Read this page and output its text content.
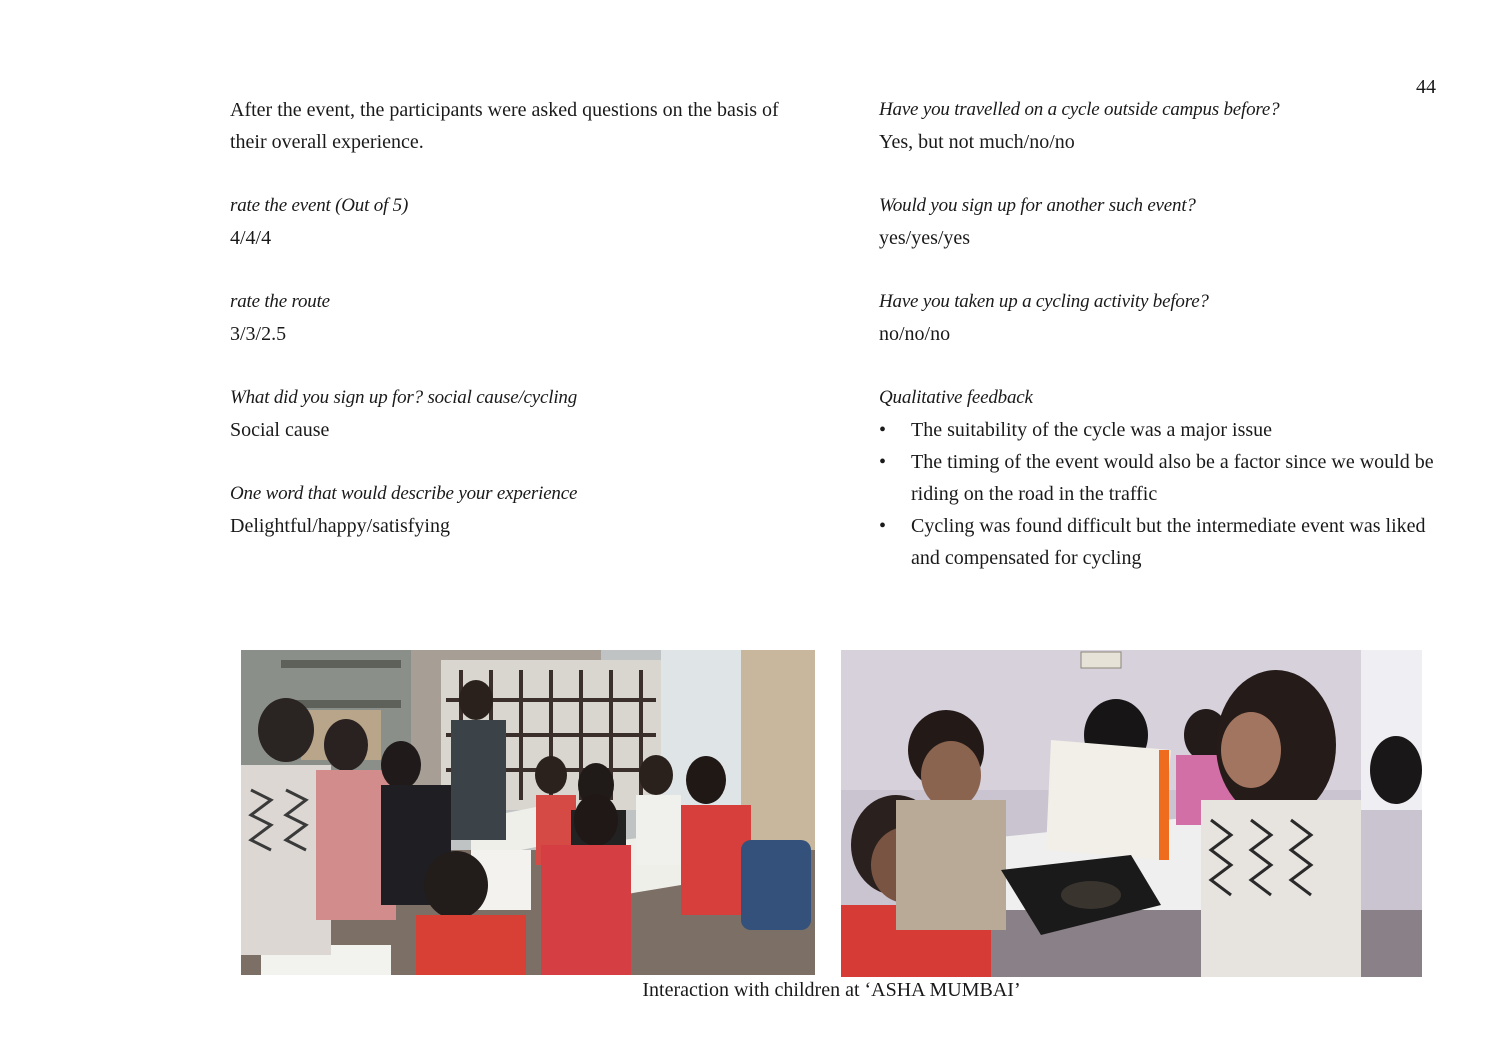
44

After the event, the participants were asked questions on the basis of their overall experience.

rate the event (Out of 5)

4/4/4

rate the route

3/3/2.5

What did you sign up for? social cause/cycling

Social cause

One word that would describe your experience

Delightful/happy/satisfying

Have you travelled on a cycle outside campus before?

Yes, but not much/no/no

Would you sign up for another such event?

yes/yes/yes

Have you taken up a cycling activity before?

no/no/no

Qualitative feedback

• The suitability of the cycle was a major issue
• The timing of the event would also be a factor since we would be riding on the road in the traffic
• Cycling was found difficult but the intermediate event was liked and compensated for cycling
Interaction with children at ‘ASHA MUMBAI’
